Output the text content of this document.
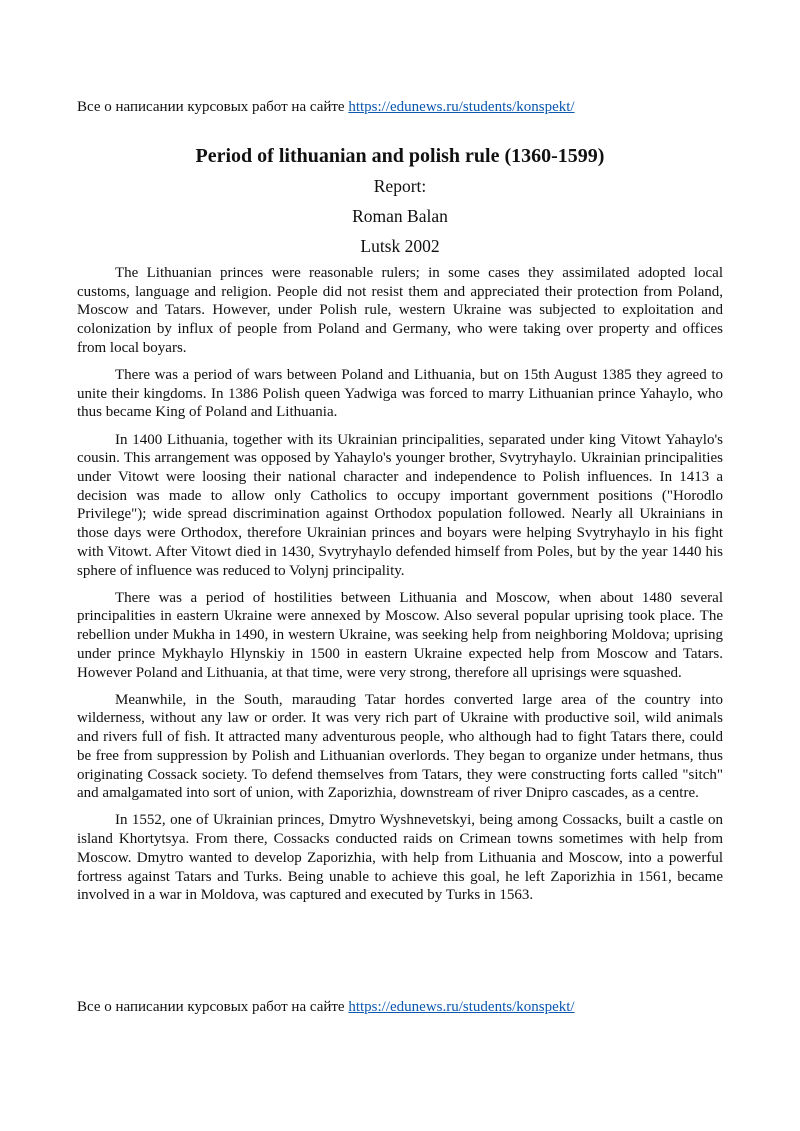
Все о написании курсовых работ на сайте https://edunews.ru/students/konspekt/
Period of lithuanian and polish rule (1360-1599)
Report:
Roman Balan
Lutsk 2002

The Lithuanian princes were reasonable rulers; in some cases they assimilated adopted local customs, language and religion. People did not resist them and appreciated their protection from Poland, Moscow and Tatars. However, under Polish rule, western Ukraine was subjected to exploitation and colonization by influx of people from Poland and Germany, who were taking over property and offices from local boyars.

There was a period of wars between Poland and Lithuania, but on 15th August 1385 they agreed to unite their kingdoms. In 1386 Polish queen Yadwiga was forced to marry Lithuanian prince Yahaylo, who thus became King of Poland and Lithuania.

In 1400 Lithuania, together with its Ukrainian principalities, separated under king Vitowt Yahaylo's cousin. This arrangement was opposed by Yahaylo's younger brother, Svytryhaylo. Ukrainian principalities under Vitowt were loosing their national character and independence to Polish influences. In 1413 a decision was made to allow only Catholics to occupy important government positions ("Horodlo Privilege"); wide spread discrimination against Orthodox population followed. Nearly all Ukrainians in those days were Orthodox, therefore Ukrainian princes and boyars were helping Svytryhaylo in his fight with Vitowt. After Vitowt died in 1430, Svytryhaylo defended himself from Poles, but by the year 1440 his sphere of influence was reduced to Volynj principality.

There was a period of hostilities between Lithuania and Moscow, when about 1480 several principalities in eastern Ukraine were annexed by Moscow. Also several popular uprising took place. The rebellion under Mukha in 1490, in western Ukraine, was seeking help from neighboring Moldova; uprising under prince Mykhaylo Hlynskiy in 1500 in eastern Ukraine expected help from Moscow and Tatars. However Poland and Lithuania, at that time, were very strong, therefore all uprisings were squashed.

Meanwhile, in the South, marauding Tatar hordes converted large area of the country into wilderness, without any law or order. It was very rich part of Ukraine with productive soil, wild animals and rivers full of fish. It attracted many adventurous people, who although had to fight Tatars there, could be free from suppression by Polish and Lithuanian overlords. They began to organize under hetmans, thus originating Cossack society. To defend themselves from Tatars, they were constructing forts called "sitch" and amalgamated into sort of union, with Zaporizhia, downstream of river Dnipro cascades, as a centre.

In 1552, one of Ukrainian princes, Dmytro Wyshnevetskyi, being among Cossacks, built a castle on island Khortytsya. From there, Cossacks conducted raids on Crimean towns sometimes with help from Moscow. Dmytro wanted to develop Zaporizhia, with help from Lithuania and Moscow, into a powerful fortress against Tatars and Turks. Being unable to achieve this goal, he left Zaporizhia in 1561, became involved in a war in Moldova, was captured and executed by Turks in 1563.

Все о написании курсовых работ на сайте https://edunews.ru/students/konspekt/
